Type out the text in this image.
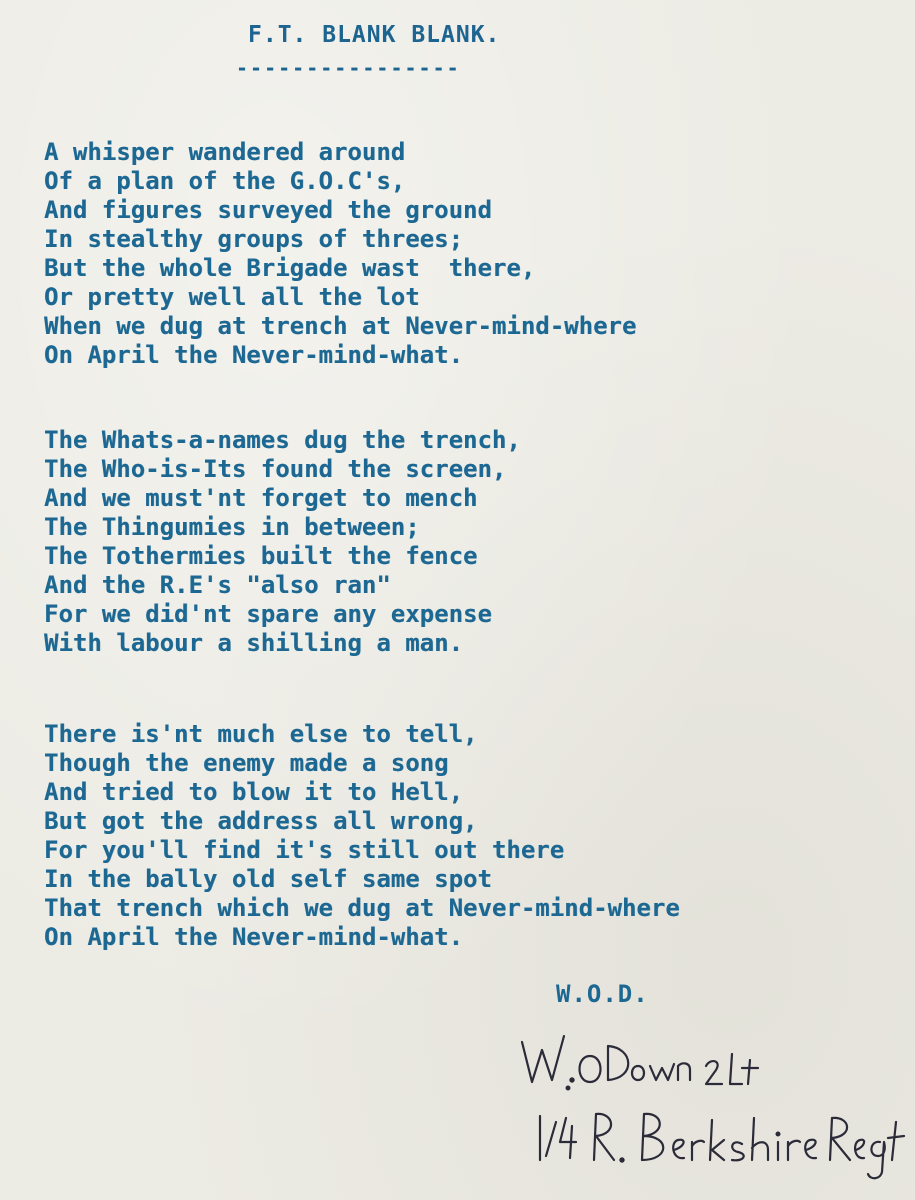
F.T. BLANK BLANK.
----------------
A whisper wandered around
Of a plan of the G.O.C's,
And figures surveyed the ground
In stealthy groups of threes;
But the whole Brigade wast  there,
Or pretty well all the lot
When we dug at trench at Never-mind-where
On April the Never-mind-what.
The Whats-a-names dug the trench,
The Who-is-Its found the screen,
And we must'nt forget to mench
The Thingumies in between;
The Tothermies built the fence
And the R.E's "also ran"
For we did'nt spare any expense
With labour a shilling a man.
There is'nt much else to tell,
Though the enemy made a song
And tried to blow it to Hell,
But got the address all wrong,
For you'll find it's still out there
In the bally old self same spot
That trench which we dug at Never-mind-where
On April the Never-mind-what.
W.O.D.
